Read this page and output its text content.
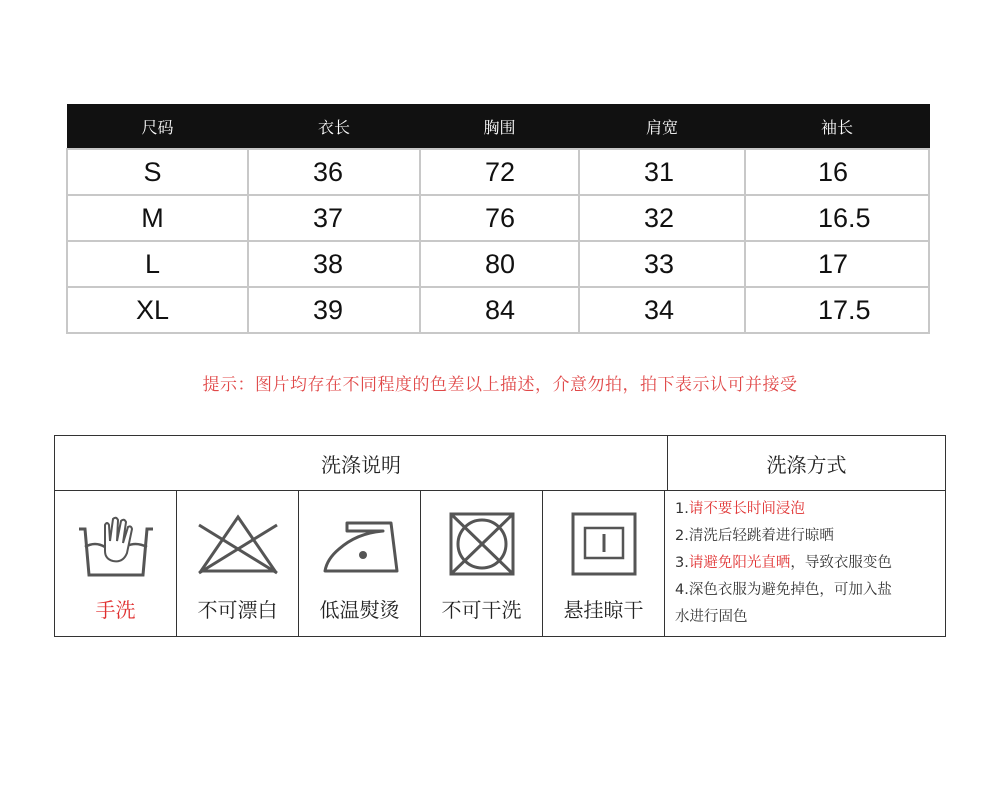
尺码	衣长	胸围	肩宽	袖长
S	36	72	31	16
M	37	76	32	16.5
L	38	80	33	17
XL	39	84	34	17.5
提示：图片均存在不同程度的色差以上描述，介意勿拍，拍下表示认可并接受
洗涤说明	洗涤方式
手洗	不可漂白	低温熨烫	不可干洗	悬挂晾干
1.请不要长时间浸泡
2.清洗后轻跳着进行晾晒
3.请避免阳光直晒，导致衣服变色
4.深色衣服为避免掉色，可加入盐
水进行固色
